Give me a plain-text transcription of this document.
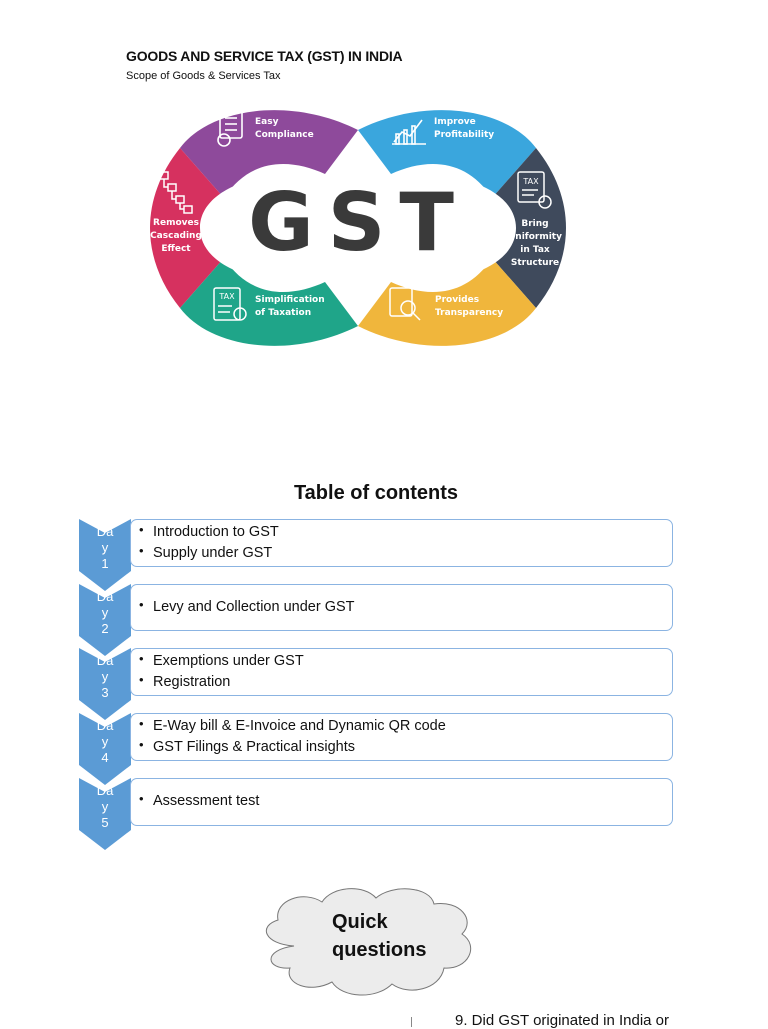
GOODS AND SERVICE TAX (GST) IN INDIA
Scope of Goods & Services Tax
GST	TAX
TAX
Easy Compliance
Improve Profitability
Bring Uniformity in Tax Structure
Provides Transparency
Simplification of Taxation
Removes Cascading Effect
Table of contents
Da
y
1
• Introduction to GST
• Supply under GST
Da
y
2
• Levy and Collection under GST
Da
y
3
• Exemptions under GST
• Registration
Da
y
4
• E-Way bill & E-Invoice and Dynamic QR code
• GST Filings & Practical insights
Da
y
5
• Assessment test
Quick
questions
9. Did GST originated in India or
